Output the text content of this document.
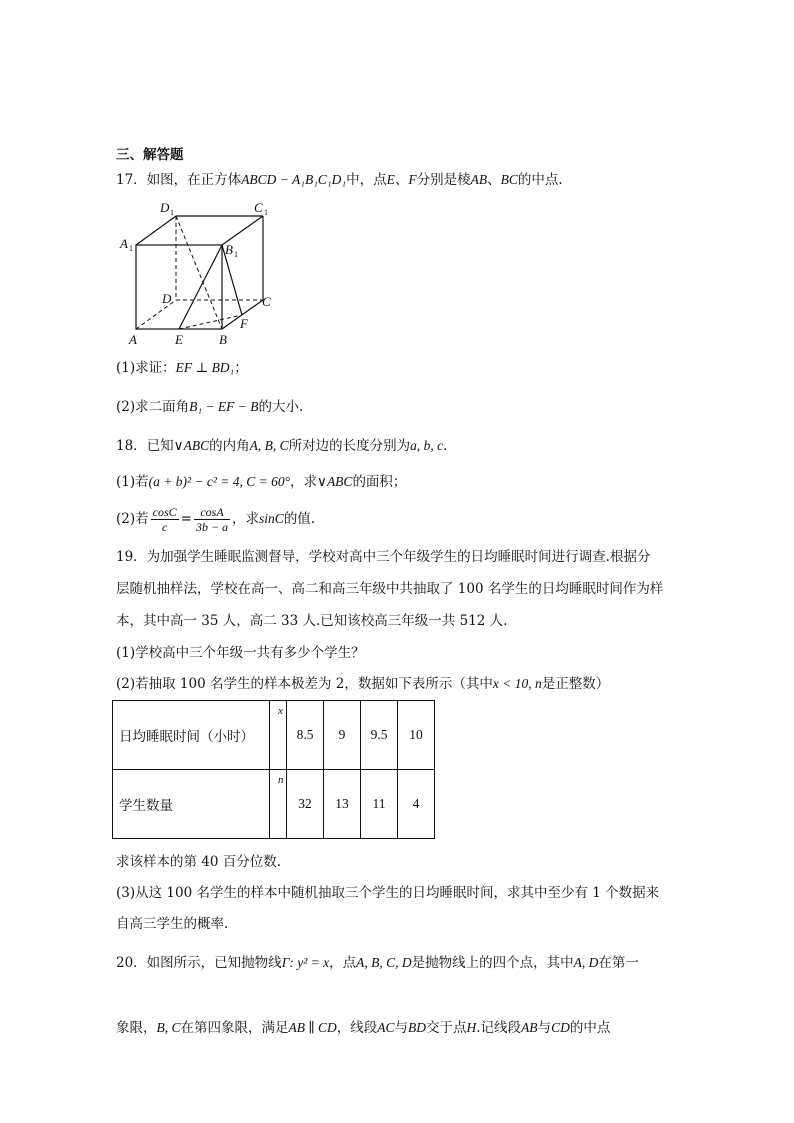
三、解答题
17．如图，在正方体ABCD − A₁B₁C₁D₁中，点E、F分别是棱AB、BC的中点.
D 1	C 1
A 1	B 1
D	C
A	E	B
F
(1)求证：EF ⊥ BD₁；
(2)求二面角B₁ − EF − B的大小.
18．已知∨ABC的内角A, B, C所对边的长度分别为a, b, c.
(1)若(a + b)² − c² = 4, C = 60°，求∨ABC的面积；
(2)若 $\frac{\cos C}{c} = \frac{\cos A}{3b - a}$ ，求sinC的值.
19．为加强学生睡眠监测督导，学校对高中三个年级学生的日均睡眠时间进行调查.根据分
层随机抽样法，学校在高一、高二和高三年级中共抽取了 100 名学生的日均睡眠时间作为样
本，其中高一 35 人，高二 33 人.已知该校高三年级一共 512 人.
(1)学校高中三个年级一共有多少个学生？
(2)若抽取 100 名学生的样本极差为 2，数据如下表所示（其中x < 10, n是正整数）
日均睡眠时间（小时）	x	8.5	9	9.5	10
学生数量	n	32	13	11	4
求该样本的第 40 百分位数.
(3)从这 100 名学生的样本中随机抽取三个学生的日均睡眠时间，求其中至少有 1 个数据来
自高三学生的概率.
20．如图所示，已知抛物线Γ: y² = x，点A, B, C, D是抛物线上的四个点，其中A, D在第一
象限，B, C在第四象限，满足AB ∥ CD，线段AC与BD交于点H.记线段AB与CD的中点
